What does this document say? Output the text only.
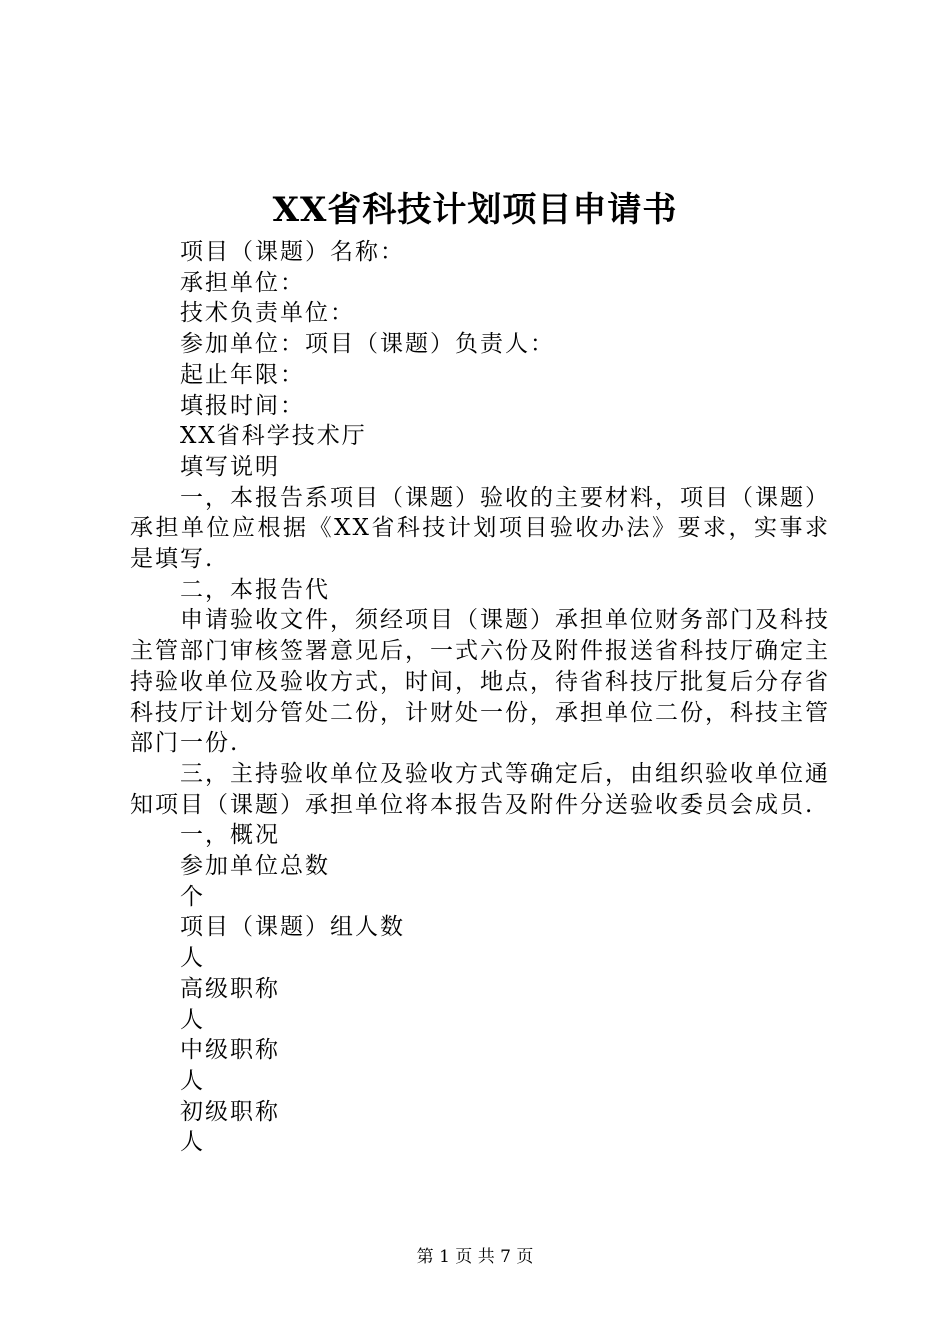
XX省科技计划项目申请书

项目（课题）名称：

承担单位：

技术负责单位：

参加单位：项目（课题）负责人：

起止年限：

填报时间：

XX省科学技术厅

填写说明

一，本报告系项目（课题）验收的主要材料，项目（课题）承担单位应根据《XX省科技计划项目验收办法》要求，实事求是填写.

二，本报告代

申请验收文件，须经项目（课题）承担单位财务部门及科技主管部门审核签署意见后，一式六份及附件报送省科技厅确定主持验收单位及验收方式，时间，地点，待省科技厅批复后分存省科技厅计划分管处二份，计财处一份，承担单位二份，科技主管部门一份.

三，主持验收单位及验收方式等确定后，由组织验收单位通知项目（课题）承担单位将本报告及附件分送验收委员会成员.

一，概况

参加单位总数

个

项目（课题）组人数

人

高级职称

人

中级职称

人

初级职称

人

第 1 页 共 7 页
